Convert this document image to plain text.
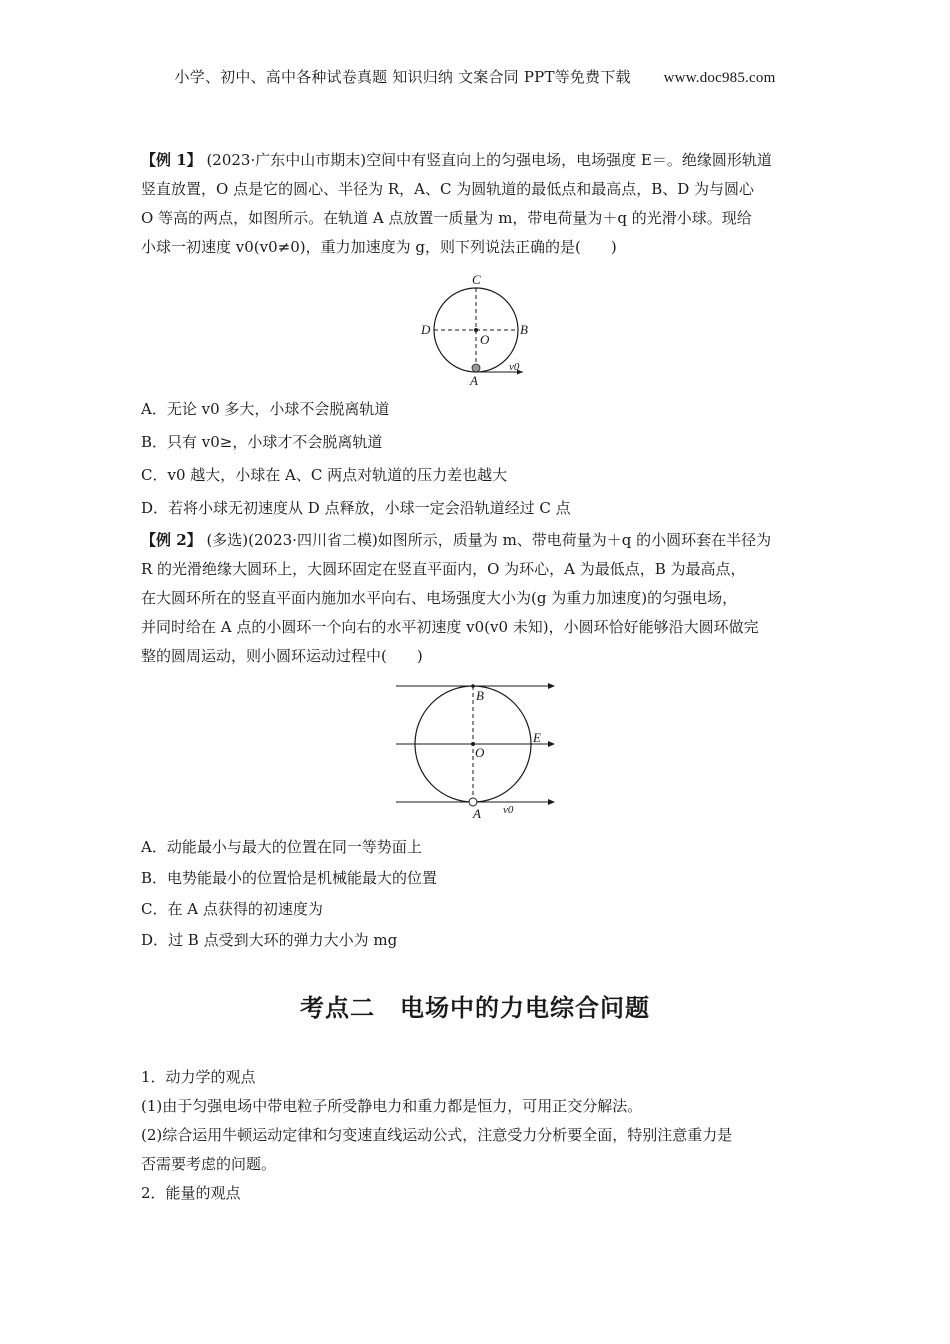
小学、初中、高中各种试卷真题 知识归纳 文案合同 PPT等免费下载 www.doc985.com
【例 1】 (2023·广东中山市期末)空间中有竖直向上的匀强电场，电场强度 E＝。绝缘圆形轨道
竖直放置，O 点是它的圆心、半径为 R，A、C 为圆轨道的最低点和最高点，B、D 为与圆心
O 等高的两点，如图所示。在轨道 A 点放置一质量为 m，带电荷量为＋q 的光滑小球。现给
小球一初速度 v0(v0≠0)，重力加速度为 g，则下列说法正确的是(　　)
C
D	B
O
A
v0
A．无论 v0 多大，小球不会脱离轨道
B．只有 v0≥，小球才不会脱离轨道
C．v0 越大，小球在 A、C 两点对轨道的压力差也越大
D．若将小球无初速度从 D 点释放，小球一定会沿轨道经过 C 点
【例 2】 (多选)(2023·四川省二模)如图所示，质量为 m、带电荷量为＋q 的小圆环套在半径为
R 的光滑绝缘大圆环上，大圆环固定在竖直平面内，O 为环心，A 为最低点，B 为最高点，
在大圆环所在的竖直平面内施加水平向右、电场强度大小为(g 为重力加速度)的匀强电场，
并同时给在 A 点的小圆环一个向右的水平初速度 v0(v0 未知)，小圆环恰好能够沿大圆环做完
整的圆周运动，则小圆环运动过程中(　　)
B
O
E
A v0
A．动能最小与最大的位置在同一等势面上
B．电势能最小的位置恰是机械能最大的位置
C．在 A 点获得的初速度为
D．过 B 点受到大环的弹力大小为 mg
考点二　电场中的力电综合问题
1．动力学的观点
(1)由于匀强电场中带电粒子所受静电力和重力都是恒力，可用正交分解法。
(2)综合运用牛顿运动定律和匀变速直线运动公式，注意受力分析要全面，特别注意重力是
否需要考虑的问题。
2．能量的观点
